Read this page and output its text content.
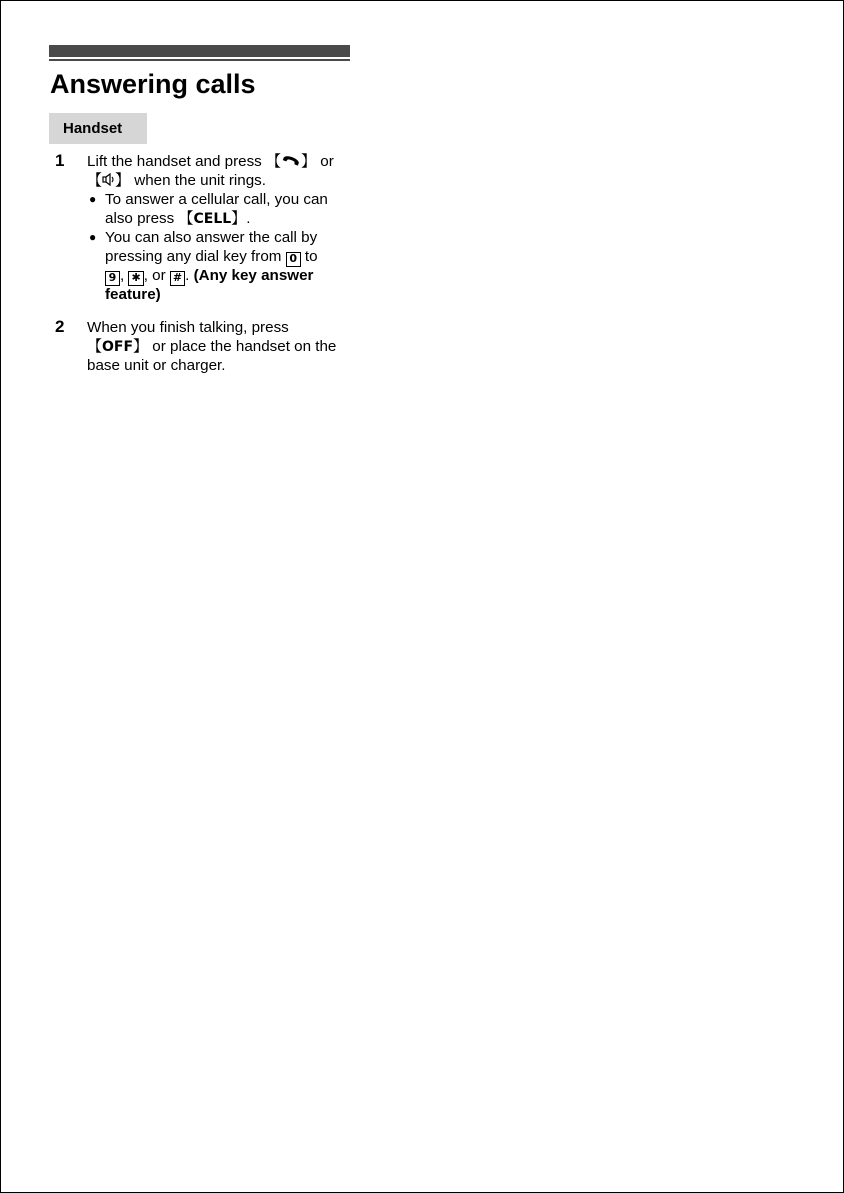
Answering calls
Handset
1 Lift the handset and press 【 】 or
【 】 when the unit rings.
● To answer a cellular call, you can
also press 【CELL】.
● You can also answer the call by
pressing any dial key from 0 to
9 , ✱ , or # . (Any key answer
feature)
2 When you finish talking, press
【OFF】 or place the handset on the
base unit or charger.
